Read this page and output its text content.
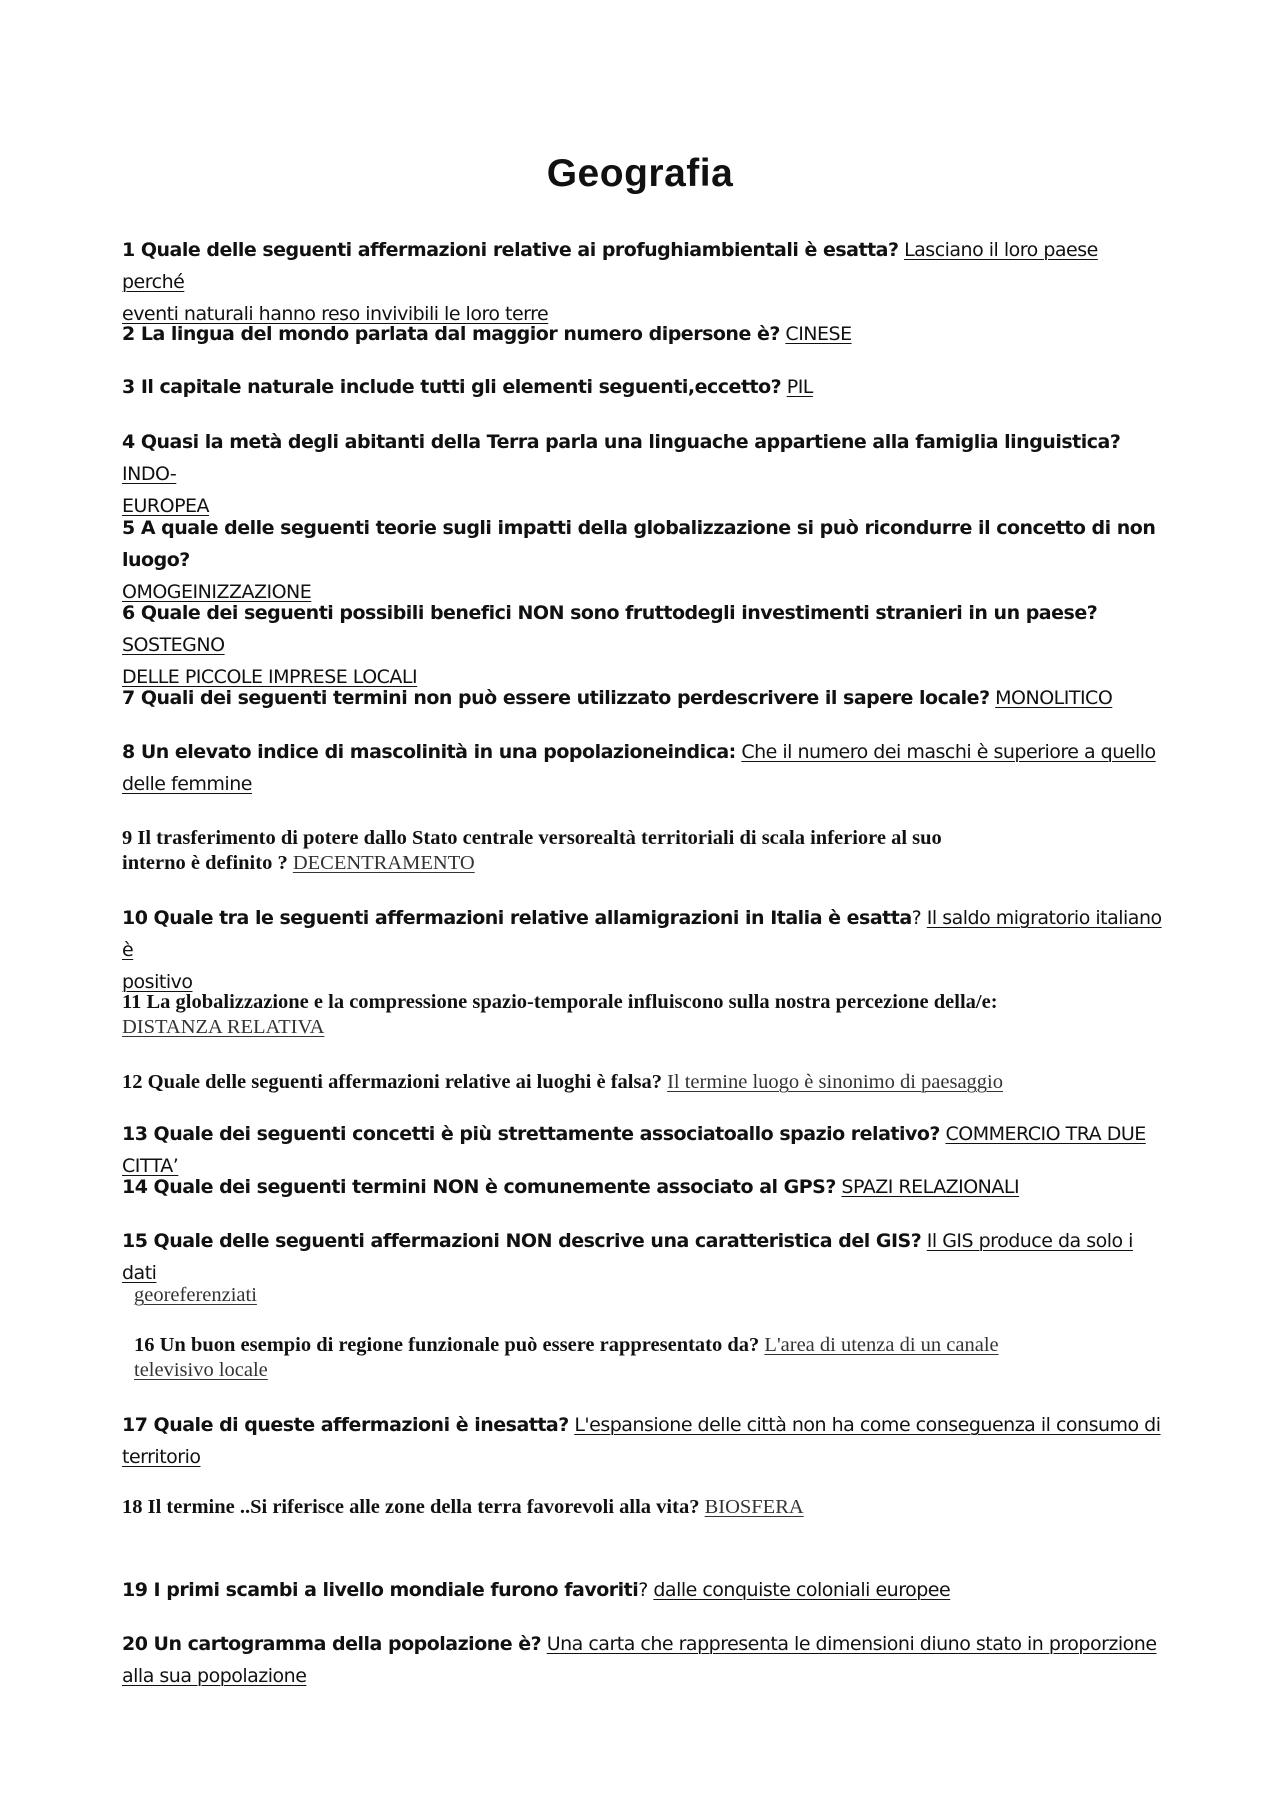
Geografia
1 Quale delle seguenti affermazioni relative ai profughiambientali è esatta? Lasciano il loro paese perché
eventi naturali hanno reso invivibili le loro terre
2 La lingua del mondo parlata dal maggior numero dipersone è? CINESE
3 Il capitale naturale include tutti gli elementi seguenti,eccetto? PIL
4 Quasi la metà degli abitanti della Terra parla una linguache appartiene alla famiglia linguistica? INDO-
EUROPEA
5 A quale delle seguenti teorie sugli impatti della globalizzazione si può ricondurre il concetto di non luogo?
OMOGEINIZZAZIONE
6 Quale dei seguenti possibili benefici NON sono fruttodegli investimenti stranieri in un paese? SOSTEGNO
DELLE PICCOLE IMPRESE LOCALI
7 Quali dei seguenti termini non può essere utilizzato perdescrivere il sapere locale? MONOLITICO
8 Un elevato indice di mascolinità in una popolazioneindica: Che il numero dei maschi è superiore a quello
delle femmine
9 Il trasferimento di potere dallo Stato centrale versorealtà territoriali di scala inferiore al suo
interno è definito ? DECENTRAMENTO
10 Quale tra le seguenti affermazioni relative allamigrazioni in Italia è esatta? Il saldo migratorio italiano è
positivo
11 La globalizzazione e la compressione spazio-temporale influiscono sulla nostra percezione della/e:
DISTANZA RELATIVA
12 Quale delle seguenti affermazioni relative ai luoghi è falsa? Il termine luogo è sinonimo di paesaggio
13 Quale dei seguenti concetti è più strettamente associatoallo spazio relativo? COMMERCIO TRA DUE CITTA’
14 Quale dei seguenti termini NON è comunemente associato al GPS? SPAZI RELAZIONALI
15 Quale delle seguenti affermazioni NON descrive una caratteristica del GIS? Il GIS produce da solo i dati
georeferenziati
16 Un buon esempio di regione funzionale può essere rappresentato da? L'area di utenza di un canale
televisivo locale
17 Quale di queste affermazioni è inesatta? L'espansione delle città non ha come conseguenza il consumo di
territorio
18 Il termine ..Si riferisce alle zone della terra favorevoli alla vita? BIOSFERA
19 I primi scambi a livello mondiale furono favoriti? dalle conquiste coloniali europee
20 Un cartogramma della popolazione è? Una carta che rappresenta le dimensioni diuno stato in proporzione
alla sua popolazione
